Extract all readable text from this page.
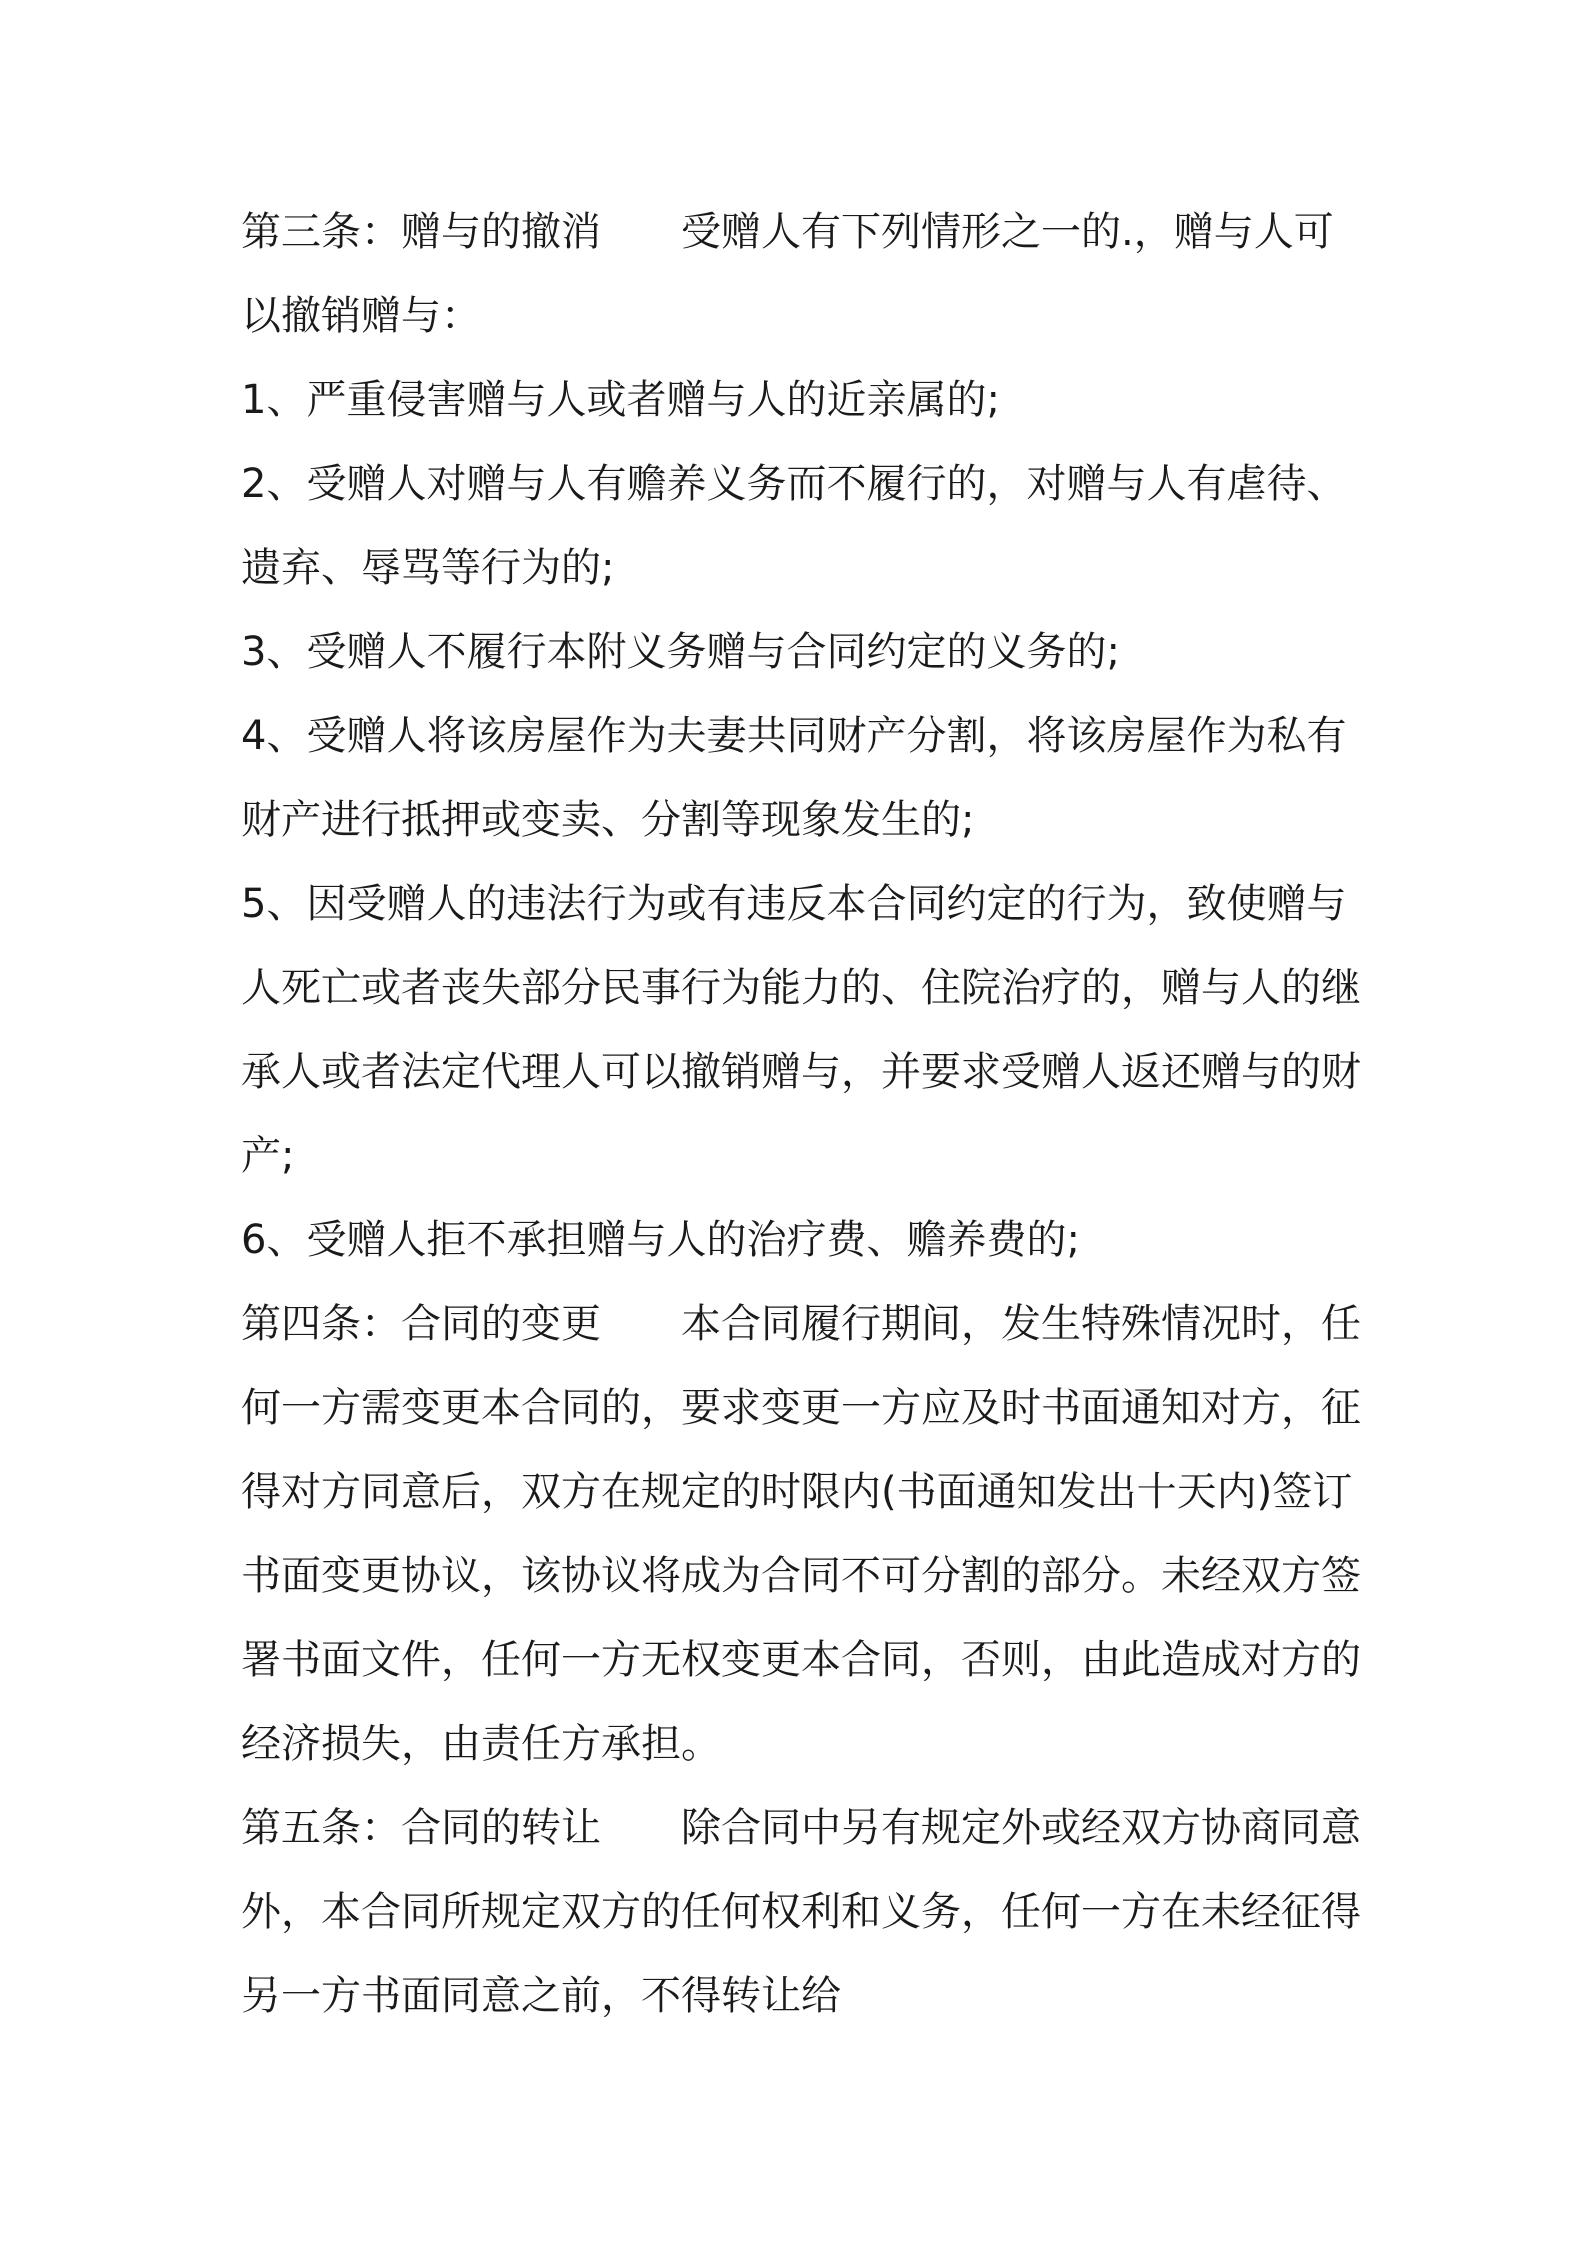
第三条：赠与的撤消　　受赠人有下列情形之一的.，赠与人可以撤销赠与：

1、严重侵害赠与人或者赠与人的近亲属的;

2、受赠人对赠与人有赡养义务而不履行的，对赠与人有虐待、遗弃、辱骂等行为的;

3、受赠人不履行本附义务赠与合同约定的义务的;

4、受赠人将该房屋作为夫妻共同财产分割，将该房屋作为私有财产进行抵押或变卖、分割等现象发生的;

5、因受赠人的违法行为或有违反本合同约定的行为，致使赠与人死亡或者丧失部分民事行为能力的、住院治疗的，赠与人的继承人或者法定代理人可以撤销赠与，并要求受赠人返还赠与的财产;

6、受赠人拒不承担赠与人的治疗费、赡养费的;

第四条：合同的变更　　本合同履行期间，发生特殊情况时，任何一方需变更本合同的，要求变更一方应及时书面通知对方，征得对方同意后，双方在规定的时限内(书面通知发出十天内)签订书面变更协议，该协议将成为合同不可分割的部分。未经双方签署书面文件，任何一方无权变更本合同，否则，由此造成对方的经济损失，由责任方承担。

第五条：合同的转让　　除合同中另有规定外或经双方协商同意外，本合同所规定双方的任何权利和义务，任何一方在未经征得另一方书面同意之前，不得转让给
